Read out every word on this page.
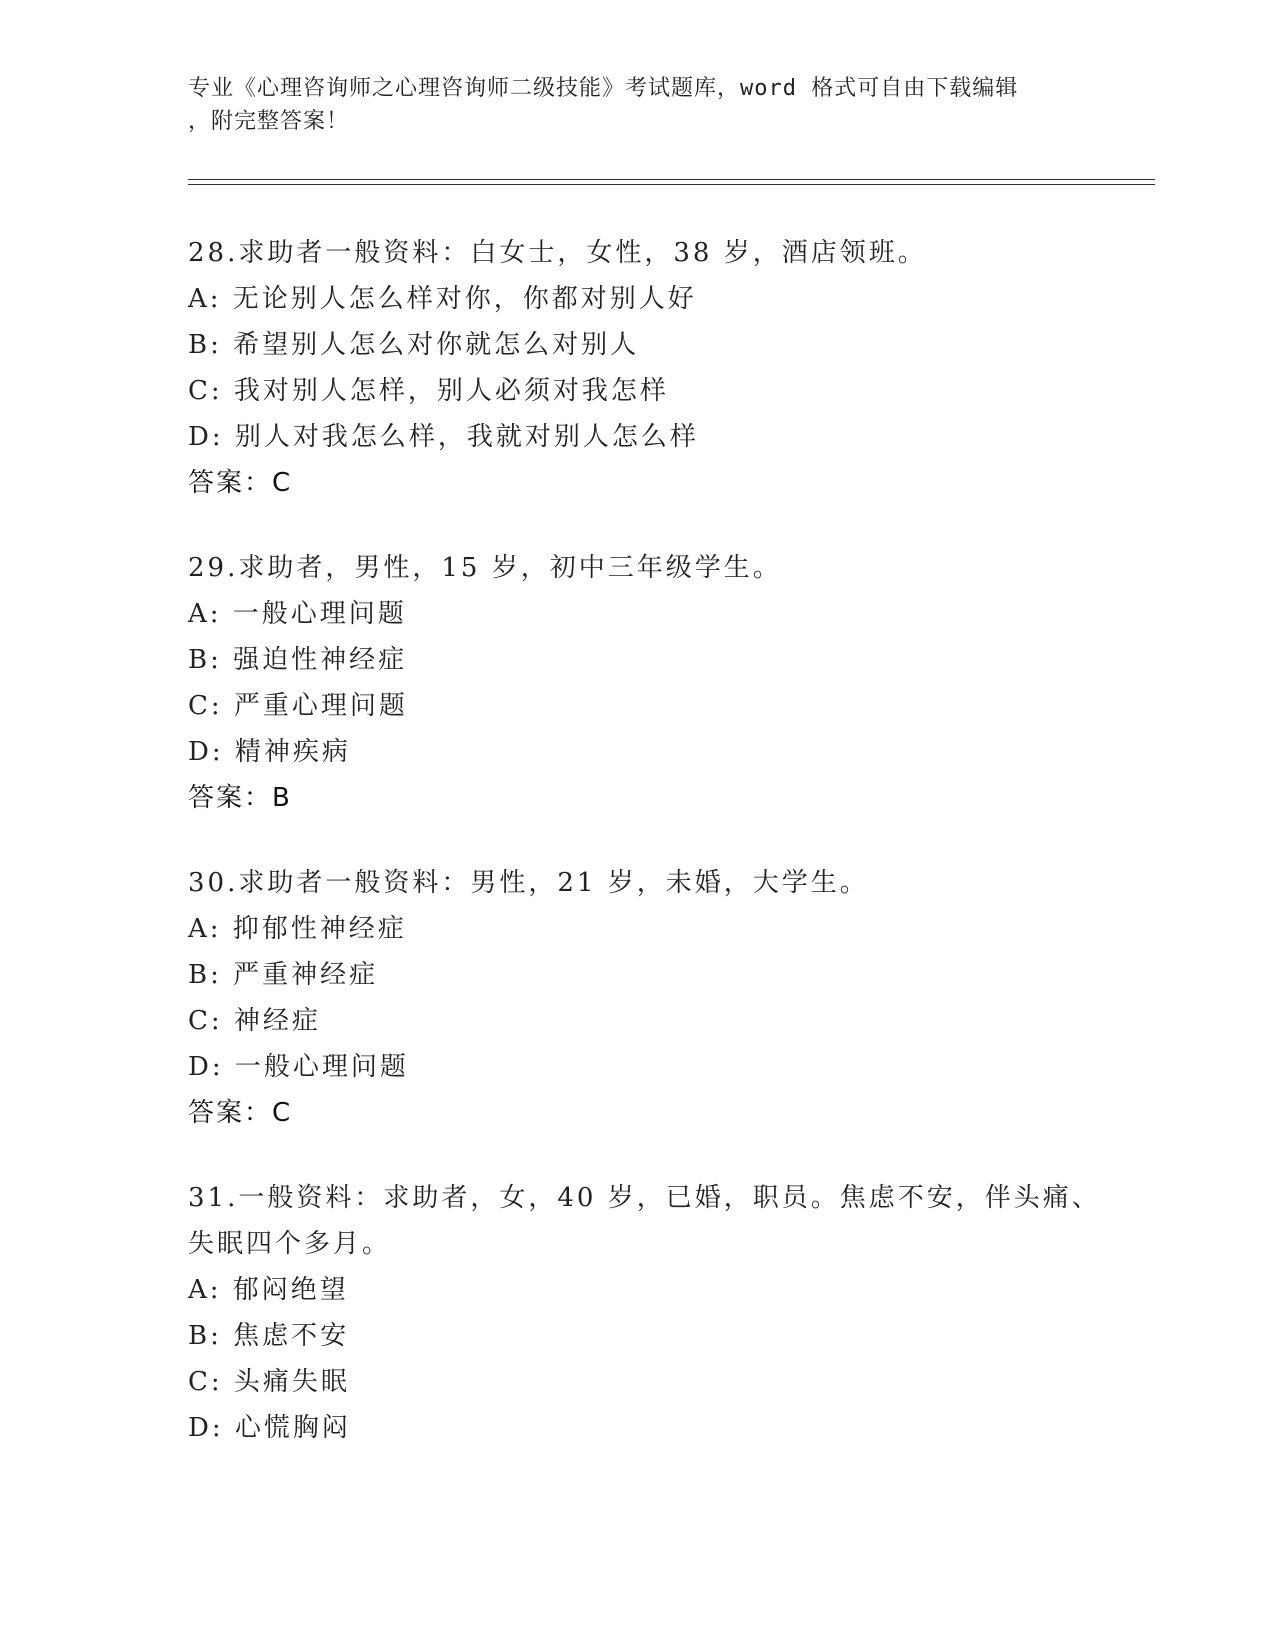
专业《心理咨询师之心理咨询师二级技能》考试题库，word 格式可自由下载编辑
，附完整答案！
28.求助者一般资料：白女士，女性，38 岁，酒店领班。
A: 无论别人怎么样对你，你都对别人好
B: 希望别人怎么对你就怎么对别人
C: 我对别人怎样，别人必须对我怎样
D: 别人对我怎么样，我就对别人怎么样
答案：C
29.求助者，男性，15 岁，初中三年级学生。
A: 一般心理问题
B: 强迫性神经症
C: 严重心理问题
D: 精神疾病
答案：B
30.求助者一般资料：男性，21 岁，未婚，大学生。
A: 抑郁性神经症
B: 严重神经症
C: 神经症
D: 一般心理问题
答案：C
31.一般资料：求助者，女，40 岁，已婚，职员。焦虑不安，伴头痛、
失眠四个多月。
A: 郁闷绝望
B: 焦虑不安
C: 头痛失眠
D: 心慌胸闷
